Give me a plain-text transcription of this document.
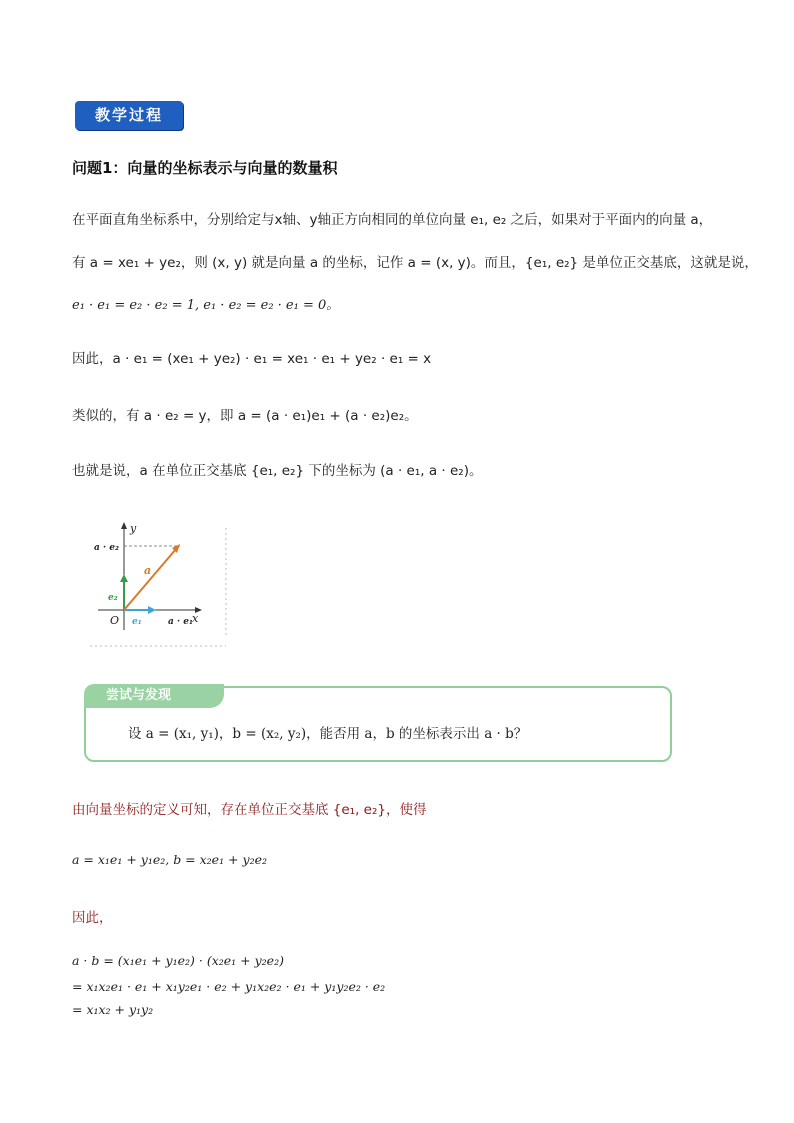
教学过程
问题1：向量的坐标表示与向量的数量积
在平面直角坐标系中，分别给定与x轴、y轴正方向相同的单位向量 e₁, e₂ 之后，如果对于平面内的向量 a，
有 a = xe₁ + ye₂，则 (x, y) 就是向量 a 的坐标，记作 a = (x, y)。而且，{e₁, e₂} 是单位正交基底，这就是说，
e₁ · e₁ = e₂ · e₂ = 1, e₁ · e₂ = e₂ · e₁ = 0。
因此，a · e₁ = (xe₁ + ye₂) · e₁ = xe₁ · e₁ + ye₂ · e₁ = x
类似的，有 a · e₂ = y，即 a = (a · e₁)e₁ + (a · e₂)e₂。
也就是说，a 在单位正交基底 {e₁, e₂} 下的坐标为 (a · e₁, a · e₂)。
y
x
O
a
e₁
e₂
a · e₂
a · e₁
尝试与发现
设 a = (x₁, y₁)，b = (x₂, y₂)，能否用 a，b 的坐标表示出 a · b？
由向量坐标的定义可知，存在单位正交基底 {e₁, e₂}，使得
a = x₁e₁ + y₁e₂, b = x₂e₁ + y₂e₂
因此，
a · b = (x₁e₁ + y₁e₂) · (x₂e₁ + y₂e₂)
= x₁x₂e₁ · e₁ + x₁y₂e₁ · e₂ + y₁x₂e₂ · e₁ + y₁y₂e₂ · e₂
= x₁x₂ + y₁y₂
